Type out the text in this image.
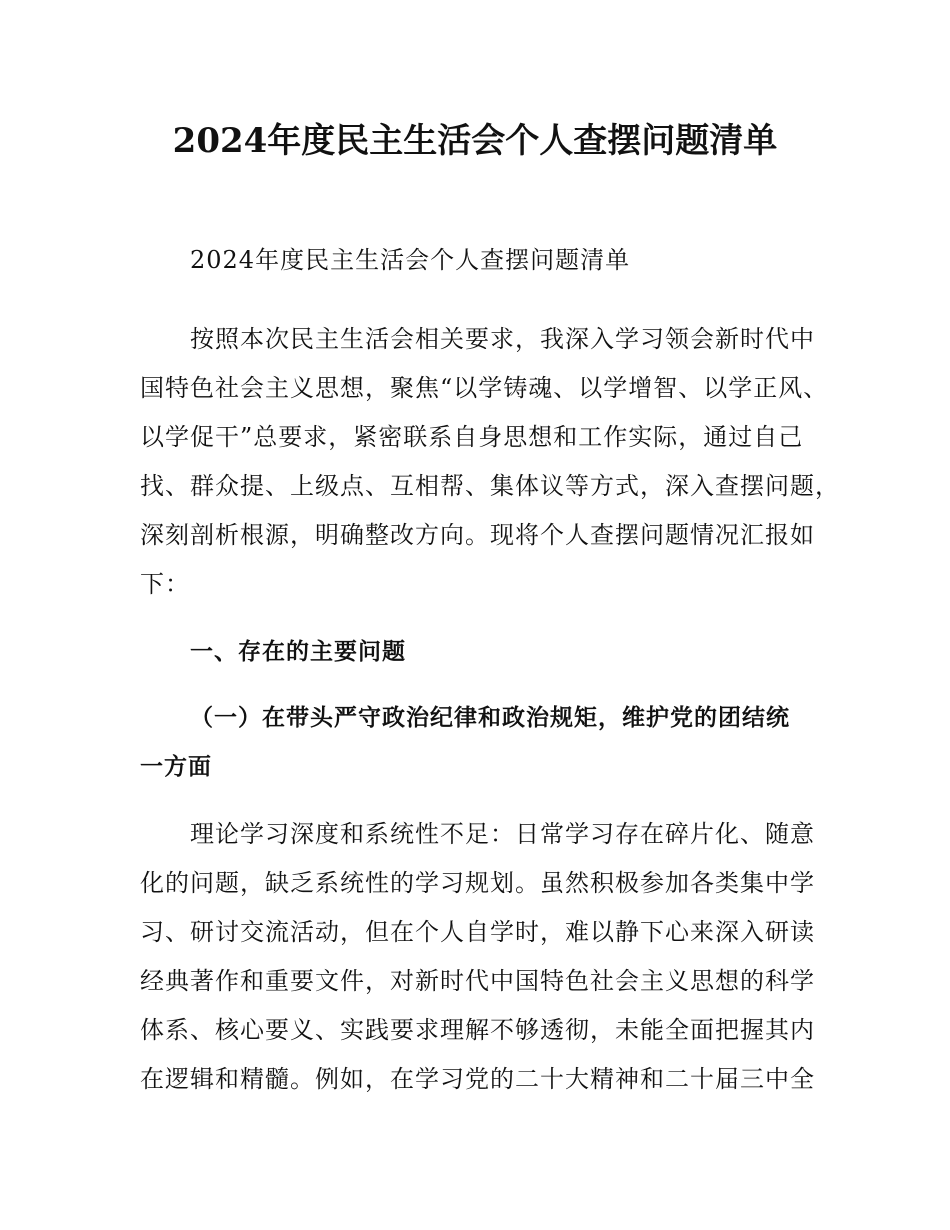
2024年度民主生活会个人查摆问题清单
2024年度民主生活会个人查摆问题清单
按照本次民主生活会相关要求，我深入学习领会新时代中
国特色社会主义思想，聚焦“以学铸魂、以学增智、以学正风、
以学促干”总要求，紧密联系自身思想和工作实际，通过自己
找、群众提、上级点、互相帮、集体议等方式，深入查摆问题，
深刻剖析根源，明确整改方向。现将个人查摆问题情况汇报如
下：
一、存在的主要问题
（一）在带头严守政治纪律和政治规矩，维护党的团结统
一方面
理论学习深度和系统性不足：日常学习存在碎片化、随意
化的问题，缺乏系统性的学习规划。虽然积极参加各类集中学
习、研讨交流活动，但在个人自学时，难以静下心来深入研读
经典著作和重要文件，对新时代中国特色社会主义思想的科学
体系、核心要义、实践要求理解不够透彻，未能全面把握其内
在逻辑和精髓。例如，在学习党的二十大精神和二十届三中全
